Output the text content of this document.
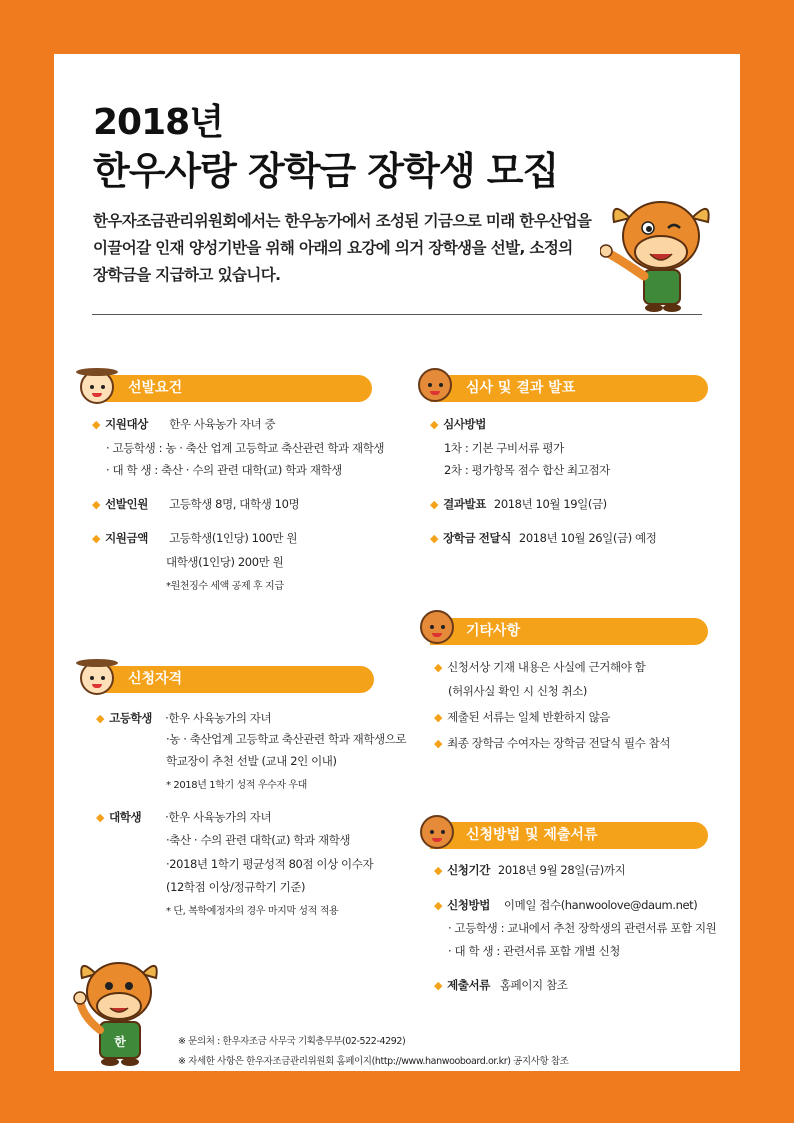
2018년
한우사랑 장학금 장학생 모집
한우자조금관리위원회에서는 한우농가에서 조성된 기금으로 미래 한우산업을
이끌어갈 인재 양성기반을 위해 아래의 요강에 의거 장학생을 선발, 소정의
장학금을 지급하고 있습니다.
선발요건
◆ 지원대상 한우 사육농가 자녀 중
· 고등학생 : 농 · 축산 업계 고등학교 축산관련 학과 재학생
· 대 학 생 : 축산 · 수의 관련 대학(교) 학과 재학생
◆ 선발인원 고등학생 8명, 대학생 10명
◆ 지원금액 고등학생(1인당) 100만 원
대학생(1인당) 200만 원
*원천징수 세액 공제 후 지급
신청자격
◆ 고등학생 ·한우 사육농가의 자녀
·농 · 축산업계 고등학교 축산관련 학과 재학생으로
학교장이 추천 선발 (교내 2인 이내)
* 2018년 1학기 성적 우수자 우대
◆ 대학생 ·한우 사육농가의 자녀
·축산 · 수의 관련 대학(교) 학과 재학생
·2018년 1학기 평균성적 80점 이상 이수자
(12학점 이상/정규학기 기준)
* 단, 복학예정자의 경우 마지막 성적 적용
심사 및 결과 발표
◆ 심사방법
1차 : 기본 구비서류 평가
2차 : 평가항목 점수 합산 최고점자
◆ 결과발표 2018년 10월 19일(금)
◆ 장학금 전달식 2018년 10월 26일(금) 예정
기타사항
◆ 신청서상 기재 내용은 사실에 근거해야 함
(허위사실 확인 시 신청 취소)
◆ 제출된 서류는 일체 반환하지 않음
◆ 최종 장학금 수여자는 장학금 전달식 필수 참석
신청방법 및 제출서류
◆ 신청기간 2018년 9월 28일(금)까지
◆ 신청방법 이메일 접수(hanwoolove@daum.net)
· 고등학생 : 교내에서 추천 장학생의 관련서류 포함 지원
· 대 학 생 : 관련서류 포함 개별 신청
◆ 제출서류 홈페이지 참조
한	※ 문의처 : 한우자조금 사무국 기획총무부(02-522-4292)
※ 자세한 사항은 한우자조금관리위원회 홈페이지(http://www.hanwooboard.or.kr) 공지사항 참조
